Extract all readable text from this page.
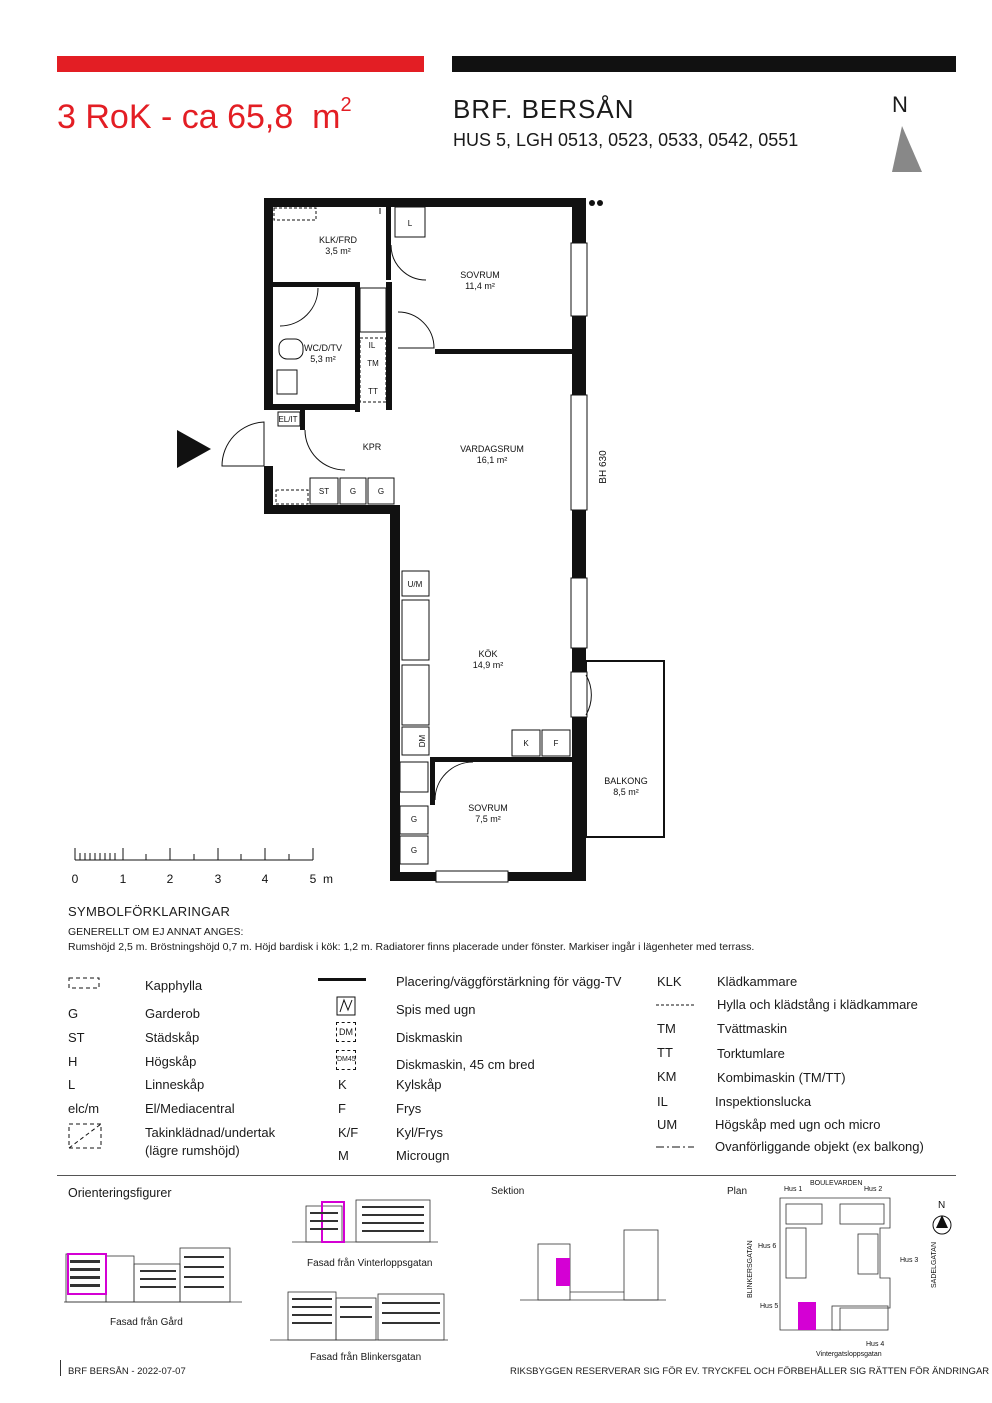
3 RoK - ca 65,8 $m^2$	BRF. BERSÅN
HUS 5, LGH 0513, 0523, 0533, 0542, 0551
N
KLK/FRD
3,5 m²
SOVRUM
11,4 m²
WC/D/TV
5,3 m²
KPR	VARDAGSRUM
16,1 m²
KÖK
14,9 m²
SOVRUM
7,5 m²
BALKONG
8,5 m²
L
TM
TT
IL
EL/IT
ST	G	G
U/M
K	F
G
G
DM
BH 630
0	1	2	3	4	5 m
SYMBOLFÖRKLARINGAR
GENERELLT OM EJ ANNAT ANGES:
Rumshöjd 2,5 m. Bröstningshöjd 0,7 m. Höjd bardisk i kök: 1,2 m. Radiatorer finns placerade under fönster. Markiser ingår i lägenheter med terrass.
Kapphylla
G	Garderob
ST	Städskåp
H	Högskåp
L	Linneskåp
elc/m	El/Mediacentral
Takinklädnad/undertak
(lägre rumshöjd)
Placering/väggförstärkning för vägg-TV
Spis med ugn
DM	Diskmaskin
DM45	Diskmaskin, 45 cm bred
K	Kylskåp
F	Frys
K/F	Kyl/Frys
M	Microugn
KLK	Klädkammare
Hylla och klädstång i klädkammare
TM	Tvättmaskin
TT	Torktumlare
KM	Kombimaskin (TM/TT)
IL	Inspektionslucka
UM	Högskåp med ugn och micro
Ovanförliggande objekt (ex balkong)
Orienteringsfigurer
Fasad från Gård
Fasad från Vinterloppsgatan
Fasad från Blinkersgatan
Sektion	Plan
BOULEVARDEN
Hus 1	Hus 2
Hus 3
Hus 4
Hus 5
Hus 6
Vintergatsloppsgatan
BLINKERSGATAN	SADELGATAN
N
BRF BERSÅN - 2022-07-07	RIKSBYGGEN RESERVERAR SIG FÖR EV. TRYCKFEL OCH FÖRBEHÅLLER SIG RÄTTEN FÖR ÄNDRINGAR
